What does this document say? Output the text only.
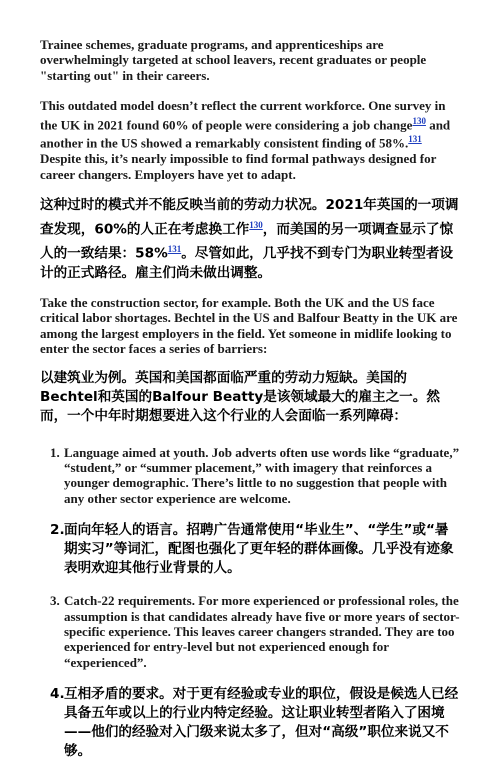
Trainee schemes, graduate programs, and apprenticeships are overwhelmingly targeted at school leavers, recent graduates or people "starting out" in their careers.

This outdated model doesn’t reflect the current workforce. One survey in the UK in 2021 found 60% of people were considering a job change$^{130}$ and another in the US showed a remarkably consistent finding of 58%.$^{131}$ Despite this, it’s nearly impossible to find formal pathways designed for career changers. Employers have yet to adapt.

这种过时的模式并不能反映当前的劳动力状况。2021年英国的一项调查发现，60%的人正在考虑换工作$^{130}$，而美国的另一项调查显示了惊人的一致结果：58%$^{131}$。尽管如此，几乎找不到专门为职业转型者设计的正式路径。雇主们尚未做出调整。

Take the construction sector, for example. Both the UK and the US face critical labor shortages. Bechtel in the US and Balfour Beatty in the UK are among the largest employers in the field. Yet someone in midlife looking to enter the sector faces a series of barriers:

以建筑业为例。英国和美国都面临严重的劳动力短缺。美国的Bechtel和英国的Balfour Beatty是该领域最大的雇主之一。然而，一个中年时期想要进入这个行业的人会面临一系列障碍：

1. Language aimed at youth. Job adverts often use words like “graduate,” “student,” or “summer placement,” with imagery that reinforces a younger demographic. There’s little to no suggestion that people with any other sector experience are welcome.
2. 面向年轻人的语言。招聘广告通常使用“毕业生”、“学生”或“暑期实习”等词汇，配图也强化了更年轻的群体画像。几乎没有迹象表明欢迎其他行业背景的人。
3. Catch-22 requirements. For more experienced or professional roles, the assumption is that candidates already have five or more years of sector-specific experience. This leaves career changers stranded. They are too experienced for entry-level but not experienced enough for “experienced”.
4. 互相矛盾的要求。对于更有经验或专业的职位，假设是候选人已经具备五年或以上的行业内特定经验。这让职业转型者陷入了困境——他们的经验对入门级来说太多了，但对“高级”职位来说又不够。
